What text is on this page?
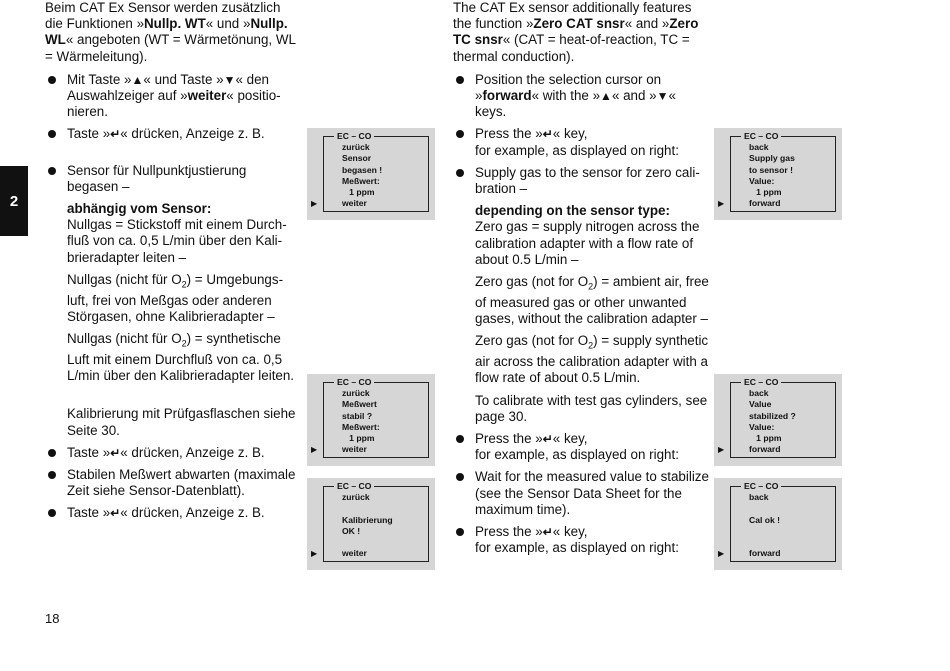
Beim CAT Ex Sensor werden zusätzlich die Funktionen »Nullp. WT« und »Nullp. WL« angeboten (WT = Wärmetönung, WL = Wärmeleitung).

Mit Taste »▲« und Taste »▼« den Auswahlzeiger auf »weiter« positionieren.
Taste »↵« drücken, Anzeige z. B.
Sensor für Nullpunktjustierung begasen –
abhängig vom Sensor:

Nullgas = Stickstoff mit einem Durchfluß von ca. 0,5 L/min über den Kalibrieradapter leiten –

Nullgas (nicht für $O_2$) = Umgebungsluft, frei von Meßgas oder anderen Störgasen, ohne Kalibrieradapter –

Nullgas (nicht für $O_2$) = synthetische Luft mit einem Durchfluß von ca. 0,5 L/min über den Kalibrieradapter leiten.

Kalibrierung mit Prüfgasflaschen siehe Seite 30.

Taste »↵« drücken, Anzeige z. B.
Stabilen Meßwert abwarten (maximale Zeit siehe Sensor-Datenblatt).
Taste »↵« drücken, Anzeige z. B.

The CAT Ex sensor additionally features the function »Zero CAT snsr« and »Zero TC snsr« (CAT = heat-of-reaction, TC = thermal conduction).

Position the selection cursor on »forward« with the »▲« and »▼« keys.
Press the »↵« key,
for example, as displayed on right:
Supply gas to the sensor for zero calibration –
depending on the sensor type:

Zero gas = supply nitrogen across the calibration adapter with a flow rate of about 0.5 L/min –

Zero gas (not for $O_2$) = ambient air, free of measured gas or other unwanted gases, without the calibration adapter –

Zero gas (not for $O_2$) = supply synthetic air across the calibration adapter with a flow rate of about 0.5 L/min.

To calibrate with test gas cylinders, see page 30.

Press the »↵« key,
for example, as displayed on right:
Wait for the measured value to stabilize (see the Sensor Data Sheet for the maximum time).
Press the »↵« key,
for example, as displayed on right:
EC – CO
▶
zurück
Sensor
begasen !
Meßwert:
1 ppm
weiter
EC – CO
▶
zurück
Meßwert
stabil ?
Meßwert:
1 ppm
weiter
EC – CO
▶
zurück

Kalibrierung
OK !

weiter
EC – CO
▶
back
Supply gas
to sensor !
Value:
1 ppm
forward
EC – CO
▶
back
Value
stabilized ?
Value:
1 ppm
forward
EC – CO
▶
back

Cal ok !

forward
2
18
